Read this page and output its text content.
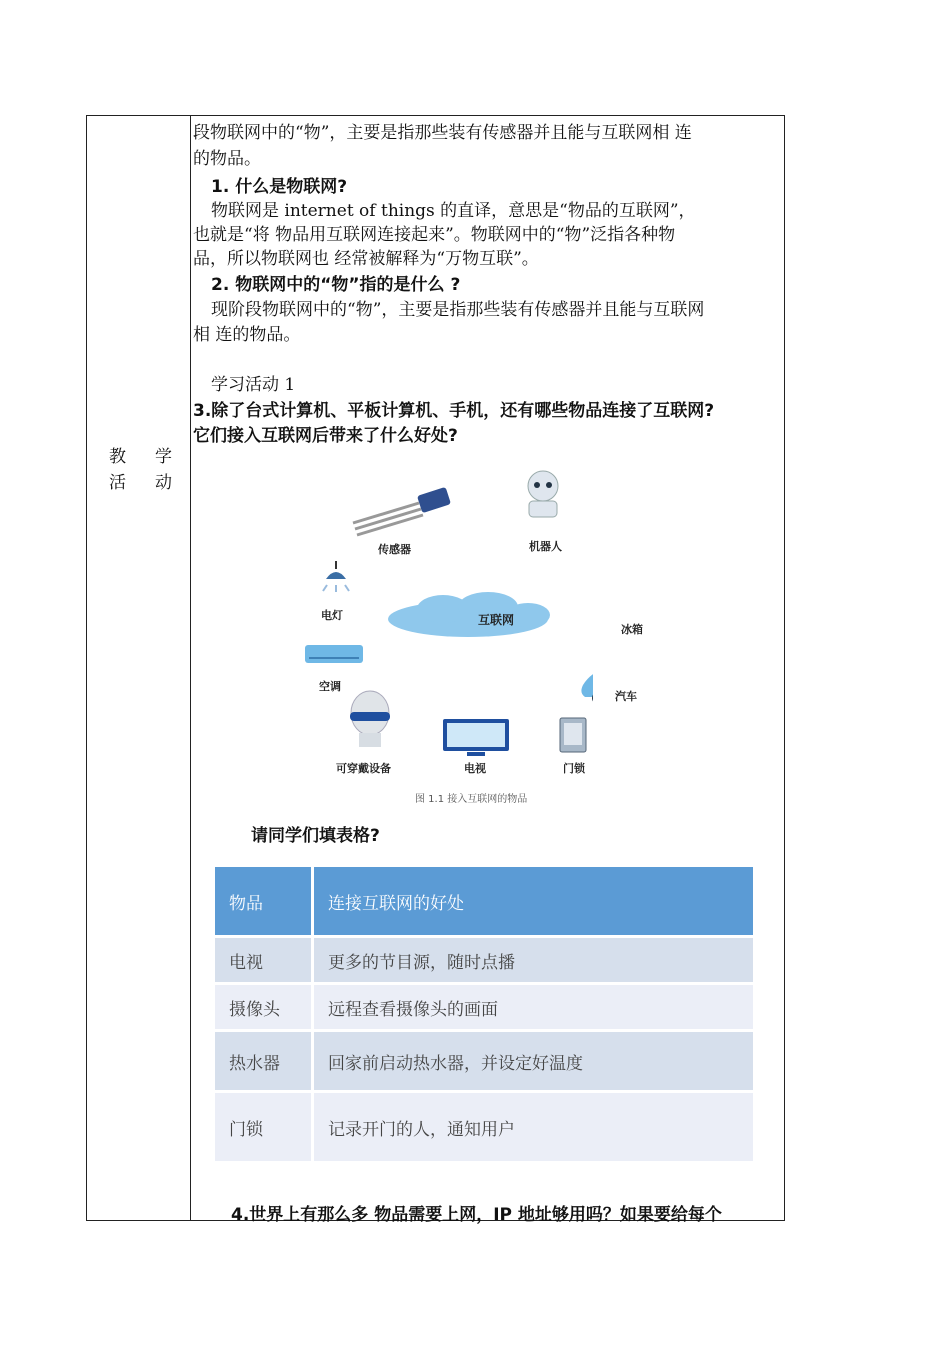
教 学
活 动
段物联网中的“物”，主要是指那些装有传感器并且能与互联网相 连
的物品。
1. 什么是物联网?
物联网是 internet of things 的直译，意思是“物品的互联网”，
也就是“将 物品用互联网连接起来”。物联网中的“物”泛指各种物
品，所以物联网也 经常被解释为“万物互联”。
2. 物联网中的“物”指的是什么 ?
现阶段物联网中的“物”，主要是指那些装有传感器并且能与互联网
相 连的物品。
学习活动 1
3.除了台式计算机、平板计算机、手机，还有哪些物品连接了互联网?
它们接入互联网后带来了什么好处?
传感器	机器人
电灯	互联网
冰箱
空调
汽车
可穿戴设备	电视	门锁
图 1.1 接入互联网的物品
请同学们填表格?
物品	连接互联网的好处
电视	更多的节目源，随时点播
摄像头	远程查看摄像头的画面
热水器	回家前启动热水器，并设定好温度
门锁	记录开门的人，通知用户
4.世界上有那么多 物品需要上网，IP 地址够用吗？如果要给每个
